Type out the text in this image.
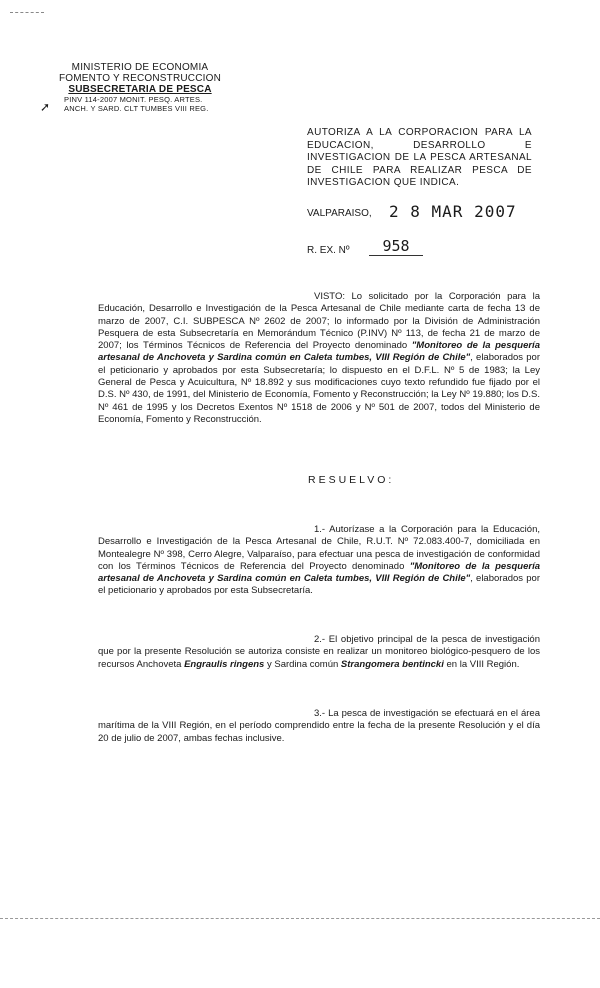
MINISTERIO DE ECONOMIA
FOMENTO Y RECONSTRUCCION
SUBSECRETARIA DE PESCA
PINV 114-2007 MONIT. PESQ. ARTES.
ANCH. Y SARD. CLT TUMBES VIII REG.
➚
AUTORIZA A LA CORPORACION PARA LA EDUCACION, DESARROLLO E INVESTIGACION DE LA PESCA ARTESANAL DE CHILE PARA REALIZAR PESCA DE INVESTIGACION QUE INDICA.
VALPARAISO, 2 8 MAR 2007
R. EX. Nº	958
VISTO: Lo solicitado por la Corporación para la Educación, Desarrollo e Investigación de la Pesca Artesanal de Chile mediante carta de fecha 13 de marzo de 2007, C.I. SUBPESCA Nº 2602 de 2007; lo informado por la División de Administración Pesquera de esta Subsecretaría en Memorándum Técnico (P.INV) Nº 113, de fecha 21 de marzo de 2007; los Términos Técnicos de Referencia del Proyecto denominado "Monitoreo de la pesquería artesanal de Anchoveta y Sardina común en Caleta tumbes, VIII Región de Chile", elaborados por el peticionario y aprobados por esta Subsecretaría; lo dispuesto en el D.F.L. Nº 5 de 1983; la Ley General de Pesca y Acuicultura, Nº 18.892 y sus modificaciones cuyo texto refundido fue fijado por el D.S. Nº 430, de 1991, del Ministerio de Economía, Fomento y Reconstrucción; la Ley Nº 19.880; los D.S. Nº 461 de 1995 y los Decretos Exentos Nº 1518 de 2006 y Nº 501 de 2007, todos del Ministerio de Economía, Fomento y Reconstrucción.
RESUELVO:
1.- Autorízase a la Corporación para la Educación, Desarrollo e Investigación de la Pesca Artesanal de Chile, R.U.T. Nº 72.083.400-7, domiciliada en Montealegre Nº 398, Cerro Alegre, Valparaíso, para efectuar una pesca de investigación de conformidad con los Términos Técnicos de Referencia del Proyecto denominado "Monitoreo de la pesquería artesanal de Anchoveta y Sardina común en Caleta tumbes, VIII Región de Chile", elaborados por el peticionario y aprobados por esta Subsecretaría.
2.- El objetivo principal de la pesca de investigación que por la presente Resolución se autoriza consiste en realizar un monitoreo biológico-pesquero de los recursos Anchoveta Engraulis ringens y Sardina común Strangomera bentincki en la VIII Región.
3.- La pesca de investigación se efectuará en el área marítima de la VIII Región, en el período comprendido entre la fecha de la presente Resolución y el día 20 de julio de 2007, ambas fechas inclusive.
